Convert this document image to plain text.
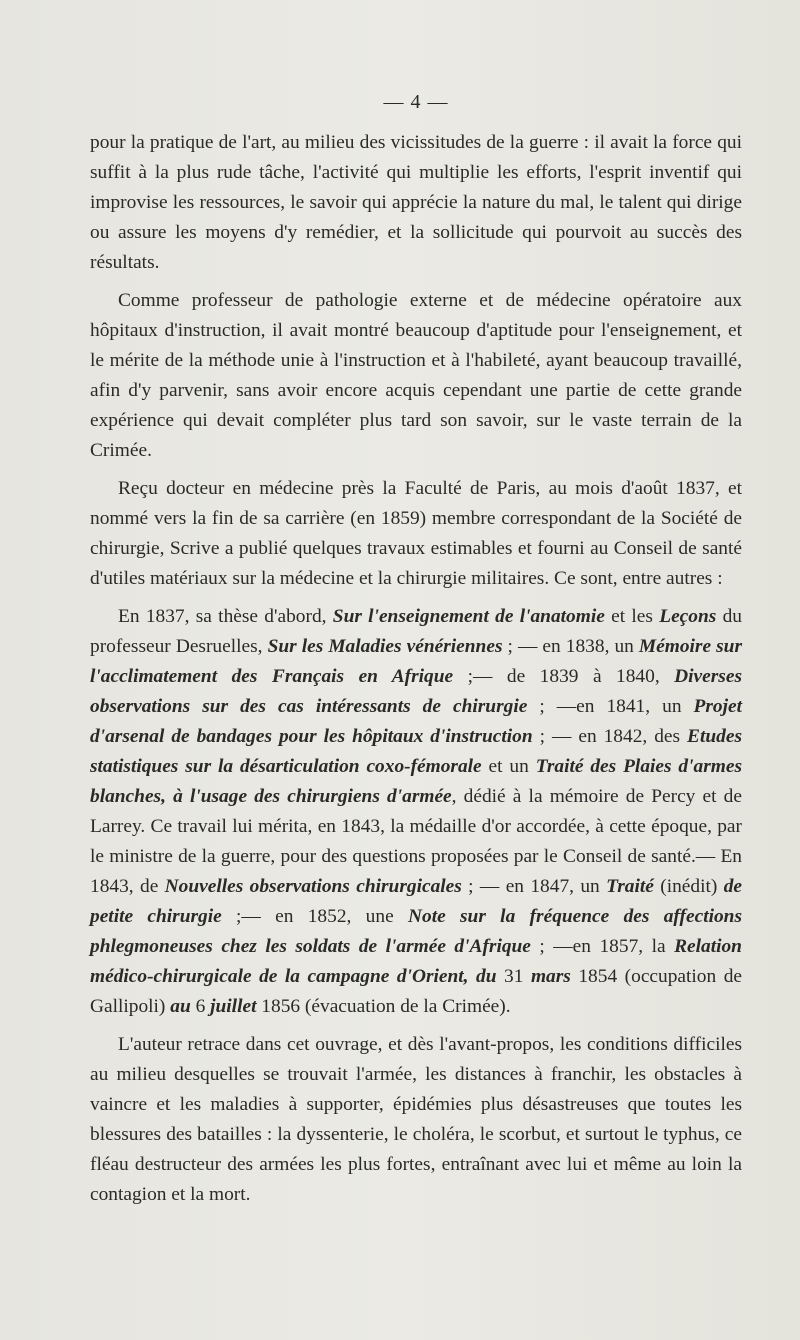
— 4 —

pour la pratique de l'art, au milieu des vicissitudes de la guerre : il avait la force qui suffit à la plus rude tâche, l'activité qui multiplie les efforts, l'esprit inventif qui improvise les ressources, le savoir qui apprécie la nature du mal, le talent qui dirige ou assure les moyens d'y remédier, et la sollicitude qui pourvoit au succès des résultats.

Comme professeur de pathologie externe et de médecine opératoire aux hôpitaux d'instruction, il avait montré beaucoup d'aptitude pour l'enseignement, et le mérite de la méthode unie à l'instruction et à l'habileté, ayant beaucoup travaillé, afin d'y parvenir, sans avoir encore acquis cependant une partie de cette grande expérience qui devait compléter plus tard son savoir, sur le vaste terrain de la Crimée.

Reçu docteur en médecine près la Faculté de Paris, au mois d'août 1837, et nommé vers la fin de sa carrière (en 1859) membre correspondant de la Société de chirurgie, Scrive a publié quelques travaux estimables et fourni au Conseil de santé d'utiles matériaux sur la médecine et la chirurgie militaires. Ce sont, entre autres :

En 1837, sa thèse d'abord, Sur l'enseignement de l'anatomie et les Leçons du professeur Desruelles, Sur les Maladies vénériennes ; — en 1838, un Mémoire sur l'acclimatement des Français en Afrique ;— de 1839 à 1840, Diverses observations sur des cas intéressants de chirurgie ; —en 1841, un Projet d'arsenal de bandages pour les hôpitaux d'instruction ; — en 1842, des Etudes statistiques sur la désarticulation coxo-fémorale et un Traité des Plaies d'armes blanches, à l'usage des chirurgiens d'armée, dédié à la mémoire de Percy et de Larrey. Ce travail lui mérita, en 1843, la médaille d'or accordée, à cette époque, par le ministre de la guerre, pour des questions proposées par le Conseil de santé.— En 1843, de Nouvelles observations chirurgicales ; — en 1847, un Traité (inédit) de petite chirurgie ;— en 1852, une Note sur la fréquence des affections phlegmoneuses chez les soldats de l'armée d'Afrique ; —en 1857, la Relation médico-chirurgicale de la campagne d'Orient, du 31 mars 1854 (occupation de Gallipoli) au 6 juillet 1856 (évacuation de la Crimée).

L'auteur retrace dans cet ouvrage, et dès l'avant-propos, les conditions difficiles au milieu desquelles se trouvait l'armée, les distances à franchir, les obstacles à vaincre et les maladies à supporter, épidémies plus désastreuses que toutes les blessures des batailles : la dyssenterie, le choléra, le scorbut, et surtout le typhus, ce fléau destructeur des armées les plus fortes, entraînant avec lui et même au loin la contagion et la mort.
